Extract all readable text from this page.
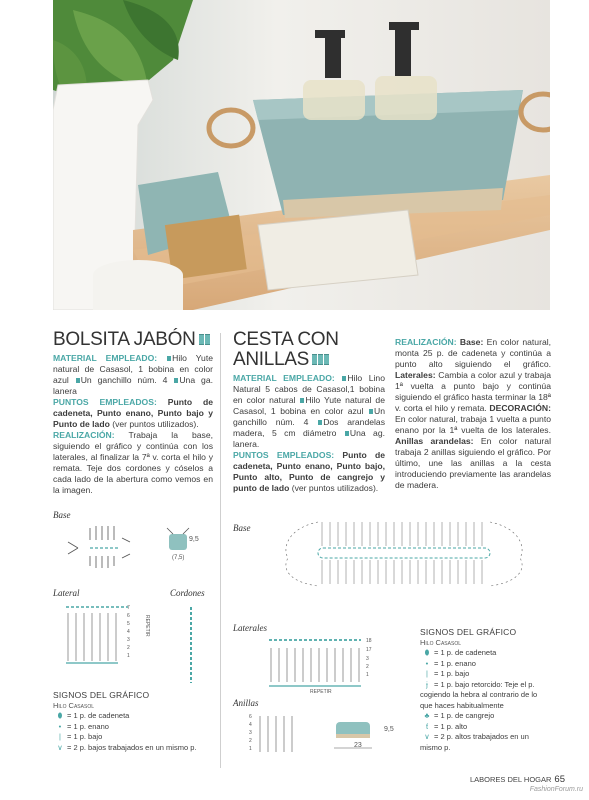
BOLSITA JABÓN

MATERIAL EMPLEADO: Hilo Yute natural de Casasol, 1 bobina en color azul Un ganchillo núm. 4 Una ga. lanera

PUNTOS EMPLEADOS: Punto de cadeneta, Punto enano, Punto bajo y Punto de lado (ver puntos utilizados).

REALIZACIÓN: Trabaja la base, siguiendo el gráfico y continúa con los laterales, al finalizar la 7ª v. corta el hilo y remata. Teje dos cordones y cóselos a cada lado de la abertura como vemos en la imagen.

CESTA CON
ANILLAS

MATERIAL EMPLEADO: Hilo Lino Natural 5 cabos de Casasol,1 bobina en color natural Hilo Yute natural de Casasol, 1 bobina en color azul Un ganchillo núm. 4 Dos arandelas madera, 5 cm diámetro Una ag. lanera.

PUNTOS EMPLEADOS: Punto de cadeneta, Punto enano, Punto bajo, Punto alto, Punto de cangrejo y punto de lado (ver puntos utilizados).

REALIZACIÓN: Base: En color natural, monta 25 p. de cadeneta y continúa a punto alto siguiendo el gráfico. Laterales: Cambia a color azul y trabaja 1ª vuelta a punto bajo y continúa siguiendo el gráfico hasta terminar la 18ª v. corta el hilo y remata. DECORACIÓN: En color natural, trabaja 1 vuelta a punto enano por la 1ª vuelta de los laterales. Anillas arandelas: En color natural trabaja 2 anillas siguiendo el gráfico. Por último, une las anillas a la cesta introduciendo previamente las arandelas de madera.

Base
9,5
(7,5)
Lateral	Cordones
REPETIR
SIGNOS DEL GRÁFICO
Hilo Casasol
⬮ = 1 p. de cadeneta
• = 1 p. enano
| = 1 p. bajo
∨ = 2 p. bajos trabajados en un mismo p.
Base
Laterales
18
17
3
2
1
REPETIR
Anillas
9,5
23
SIGNOS DEL GRÁFICO
Hilo Casasol
⬮ = 1 p. de cadeneta
• = 1 p. enano
| = 1 p. bajo
ɉ = 1 p. bajo retorcido: Teje el p. cogiendo la hebra al contrario de lo que haces habitualmente
♣ = 1 p. de cangrejo
ƭ = 1 p. alto
∨ = 2 p. altos trabajados en un mismo p.
LABORES DEL HOGAR 65
FashionForum.ru
7
6
5
4
3
2
1
6
4
3
2
1
